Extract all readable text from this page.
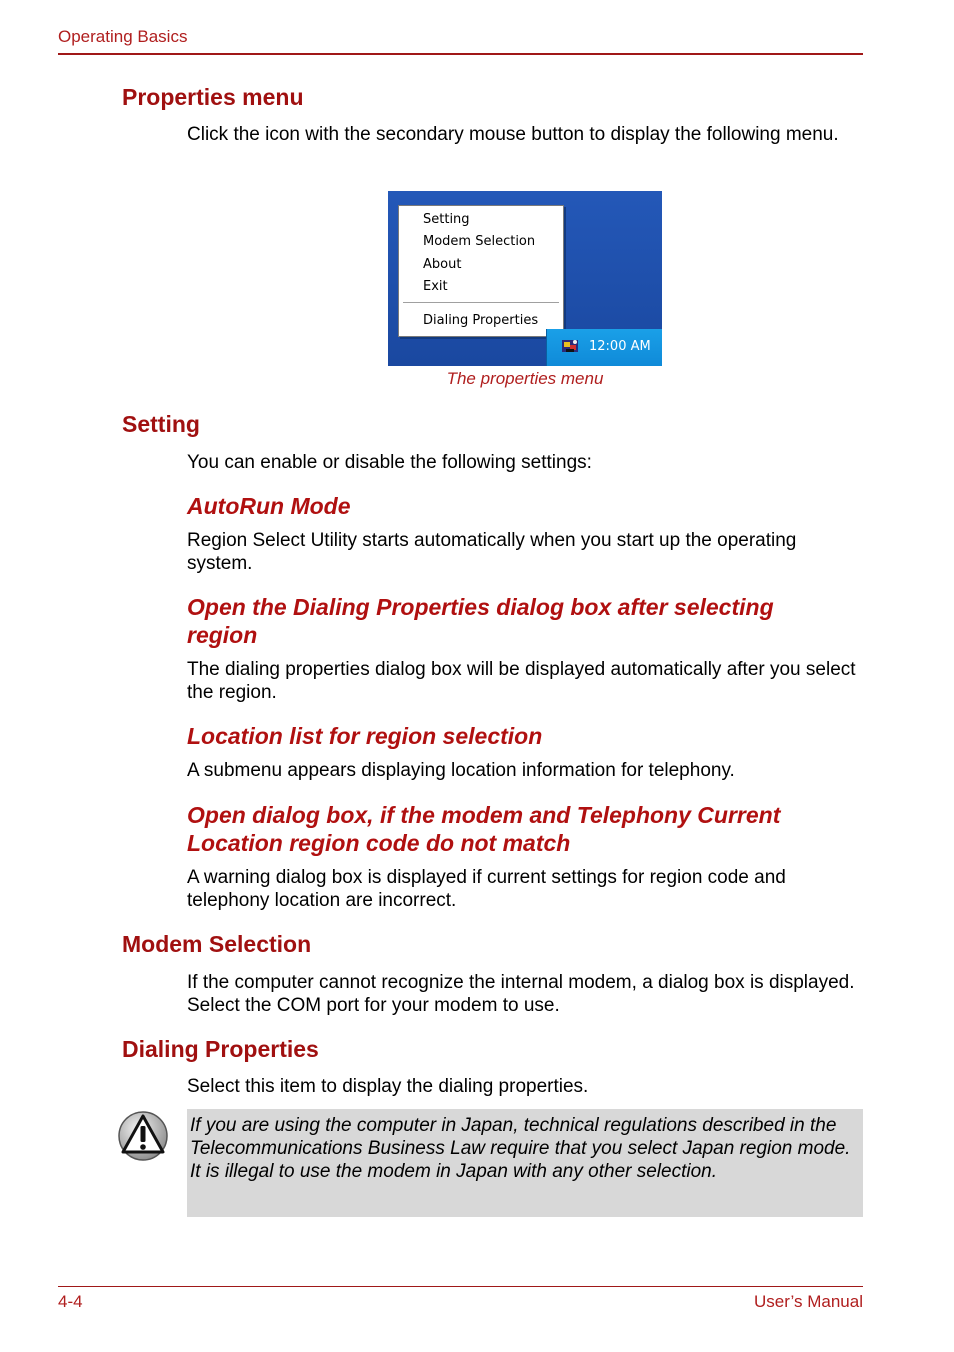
Operating Basics
Properties menu
Click the icon with the secondary mouse button to display the following menu.
Setting
Modem Selection
About
Exit
Dialing Properties
12:00 AM
The properties menu
Setting
You can enable or disable the following settings:
AutoRun Mode
Region Select Utility starts automatically when you start up the operating system.
Open the Dialing Properties dialog box after selecting region
The dialing properties dialog box will be displayed automatically after you select the region.
Location list for region selection
A submenu appears displaying location information for telephony.
Open dialog box, if the modem and Telephony Current Location region code do not match
A warning dialog box is displayed if current settings for region code and telephony location are incorrect.
Modem Selection
If the computer cannot recognize the internal modem, a dialog box is displayed. Select the COM port for your modem to use.
Dialing Properties
Select this item to display the dialing properties.
If you are using the computer in Japan, technical regulations described in the Telecommunications Business Law require that you select Japan region mode. It is illegal to use the modem in Japan with any other selection.
4-4	User’s Manual
